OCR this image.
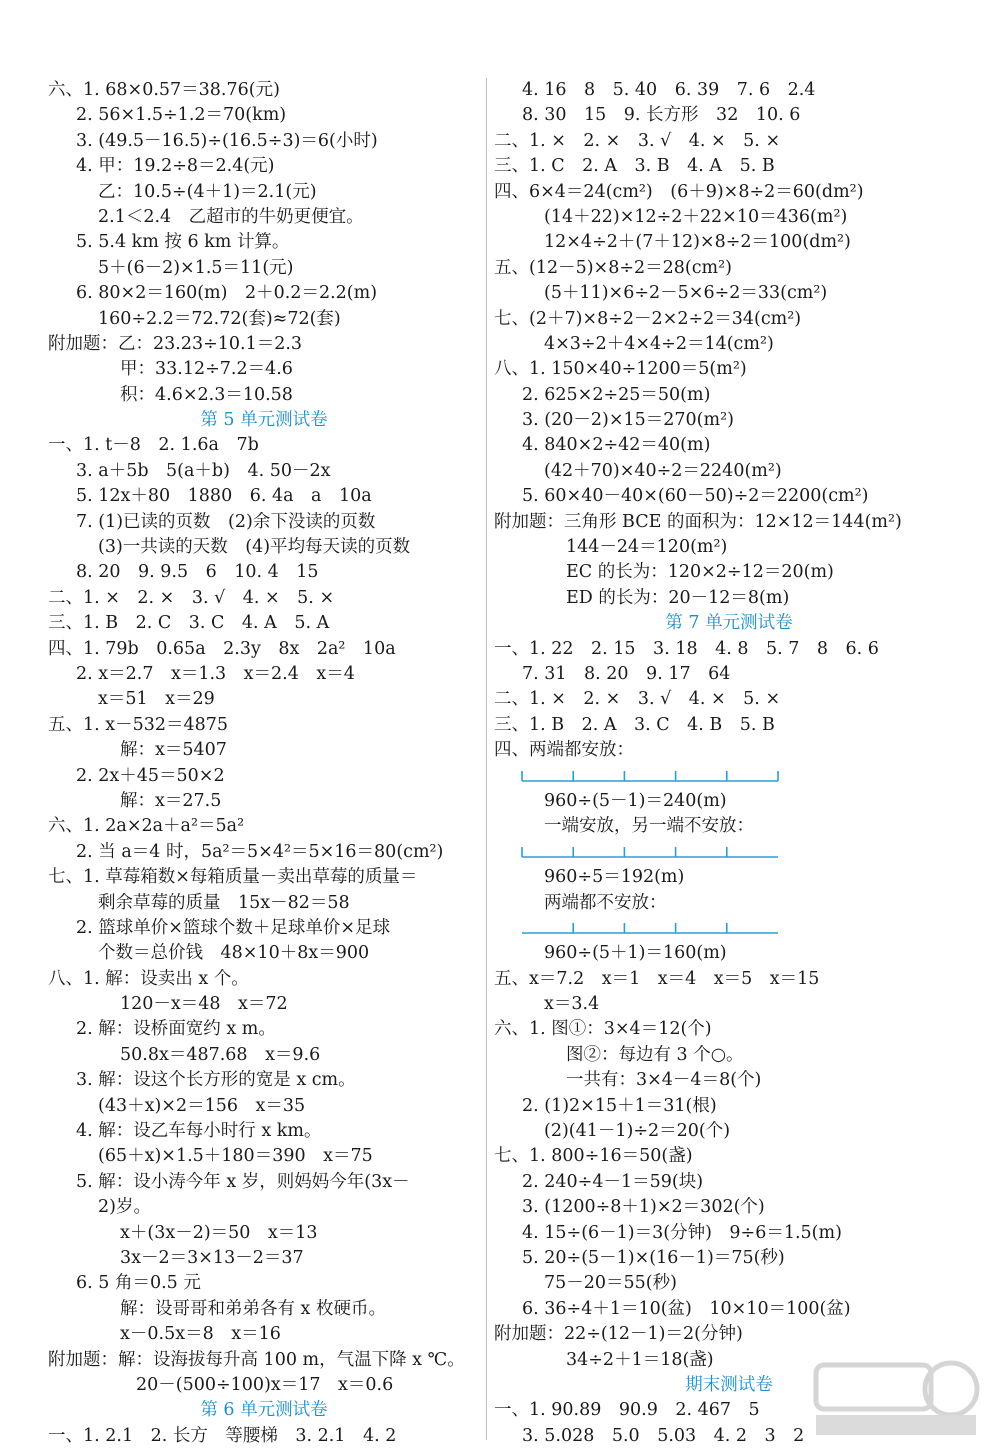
六、1. 68×0.57＝38.76(元)
2. 56×1.5÷1.2＝70(km)
3. (49.5－16.5)÷(16.5÷3)＝6(小时)
4. 甲：19.2÷8＝2.4(元)
乙：10.5÷(4＋1)＝2.1(元)
2.1＜2.4　乙超市的牛奶更便宜。
5. 5.4 km 按 6 km 计算。
5＋(6－2)×1.5＝11(元)
6. 80×2＝160(m)　2＋0.2＝2.2(m)
160÷2.2＝72.72(套)≈72(套)
附加题：乙：23.23÷10.1＝2.3
甲：33.12÷7.2＝4.6
积：4.6×2.3＝10.58
第 5 单元测试卷
一、1. t－8　2. 1.6a　7b
3. a＋5b　5(a＋b)　4. 50－2x
5. 12x＋80　1880　6. 4a　a　10a
7. (1)已读的页数　(2)余下没读的页数
(3)一共读的天数　(4)平均每天读的页数
8. 20　9. 9.5　6　10. 4　15
二、1. ×　2. ×　3. √　4. ×　5. ×
三、1. B　2. C　3. C　4. A　5. A
四、1. 79b　0.65a　2.3y　8x　2a²　10a
2. x＝2.7　x＝1.3　x＝2.4　x＝4
x＝51　x＝29
五、1. x－532＝4875
解：x＝5407
2. 2x＋45＝50×2
解：x＝27.5
六、1. 2a×2a＋a²＝5a²
2. 当 a＝4 时，5a²＝5×4²＝5×16＝80(cm²)
七、1. 草莓箱数×每箱质量－卖出草莓的质量＝
剩余草莓的质量　15x－82＝58
2. 篮球单价×篮球个数＋足球单价×足球
个数＝总价钱　48×10＋8x＝900
八、1. 解：设卖出 x 个。
120－x＝48　x＝72
2. 解：设桥面宽约 x m。
50.8x＝487.68　x＝9.6
3. 解：设这个长方形的宽是 x cm。
(43＋x)×2＝156　x＝35
4. 解：设乙车每小时行 x km。
(65＋x)×1.5＋180＝390　x＝75
5. 解：设小涛今年 x 岁，则妈妈今年(3x－
2)岁。
x＋(3x－2)＝50　x＝13
3x－2＝3×13－2＝37
6. 5 角＝0.5 元
解：设哥哥和弟弟各有 x 枚硬币。
x－0.5x＝8　x＝16
附加题：解：设海拔每升高 100 m，气温下降 x ℃。
20－(500÷100)x＝17　x＝0.6
第 6 单元测试卷
一、1. 2.1　2. 长方　等腰梯　3. 2.1　4. 2
4. 16　8　5. 40　6. 39　7. 6　2.4
8. 30　15　9. 长方形　32　10. 6
二、1. ×　2. ×　3. √　4. ×　5. ×
三、1. C　2. A　3. B　4. A　5. B
四、6×4＝24(cm²)　(6＋9)×8÷2＝60(dm²)
(14＋22)×12÷2＋22×10＝436(m²)
12×4÷2＋(7＋12)×8÷2＝100(dm²)
五、(12－5)×8÷2＝28(cm²)
(5＋11)×6÷2－5×6÷2＝33(cm²)
七、(2＋7)×8÷2－2×2÷2＝34(cm²)
4×3÷2＋4×4÷2＝14(cm²)
八、1. 150×40÷1200＝5(m²)
2. 625×2÷25＝50(m)
3. (20－2)×15＝270(m²)
4. 840×2÷42＝40(m)
(42＋70)×40÷2＝2240(m²)
5. 60×40－40×(60－50)÷2＝2200(cm²)
附加题：三角形 BCE 的面积为：12×12＝144(m²)
144－24＝120(m²)
EC 的长为：120×2÷12＝20(m)
ED 的长为：20－12＝8(m)
第 7 单元测试卷
一、1. 22　2. 15　3. 18　4. 8　5. 7　8　6. 6
7. 31　8. 20　9. 17　64
二、1. ×　2. ×　3. √　4. ×　5. ×
三、1. B　2. A　3. C　4. B　5. B
四、两端都安放：
960÷(5－1)＝240(m)
一端安放，另一端不安放：
960÷5＝192(m)
两端都不安放：
960÷(5＋1)＝160(m)
五、x＝7.2　x＝1　x＝4　x＝5　x＝15
x＝3.4
六、1. 图①：3×4＝12(个)
图②：每边有 3 个○。
一共有：3×4－4＝8(个)
2. (1)2×15＋1＝31(根)
(2)(41－1)÷2＝20(个)
七、1. 800÷16＝50(盏)
2. 240÷4－1＝59(块)
3. (1200÷8＋1)×2＝302(个)
4. 15÷(6－1)＝3(分钟)　9÷6＝1.5(m)
5. 20÷(5－1)×(16－1)＝75(秒)
75－20＝55(秒)
6. 36÷4＋1＝10(盆)　10×10＝100(盆)
附加题：22÷(12－1)＝2(分钟)
34÷2＋1＝18(盏)
期末测试卷
一、1. 90.89　90.9　2. 467　5
3. 5.028　5.0　5.03　4. 2　3　2
